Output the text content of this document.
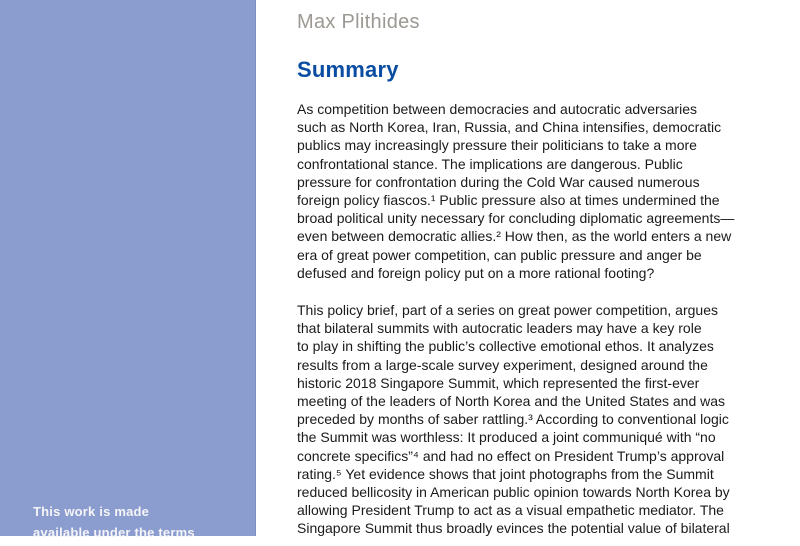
This work is made
available under the terms
Max Plithides
Summary
As competition between democracies and autocratic adversaries
such as North Korea, Iran, Russia, and China intensifies, democratic
publics may increasingly pressure their politicians to take a more
confrontational stance. The implications are dangerous. Public
pressure for confrontation during the Cold War caused numerous
foreign policy fiascos.¹ Public pressure also at times undermined the
broad political unity necessary for concluding diplomatic agreements—
even between democratic allies.² How then, as the world enters a new
era of great power competition, can public pressure and anger be
defused and foreign policy put on a more rational footing?
This policy brief, part of a series on great power competition, argues
that bilateral summits with autocratic leaders may have a key role
to play in shifting the public’s collective emotional ethos. It analyzes
results from a large-scale survey experiment, designed around the
historic 2018 Singapore Summit, which represented the first-ever
meeting of the leaders of North Korea and the United States and was
preceded by months of saber rattling.³ According to conventional logic
the Summit was worthless: It produced a joint communiqué with “no
concrete specifics”⁴ and had no effect on President Trump’s approval
rating.⁵ Yet evidence shows that joint photographs from the Summit
reduced bellicosity in American public opinion towards North Korea by
allowing President Trump to act as a visual empathetic mediator. The
Singapore Summit thus broadly evinces the potential value of bilateral
